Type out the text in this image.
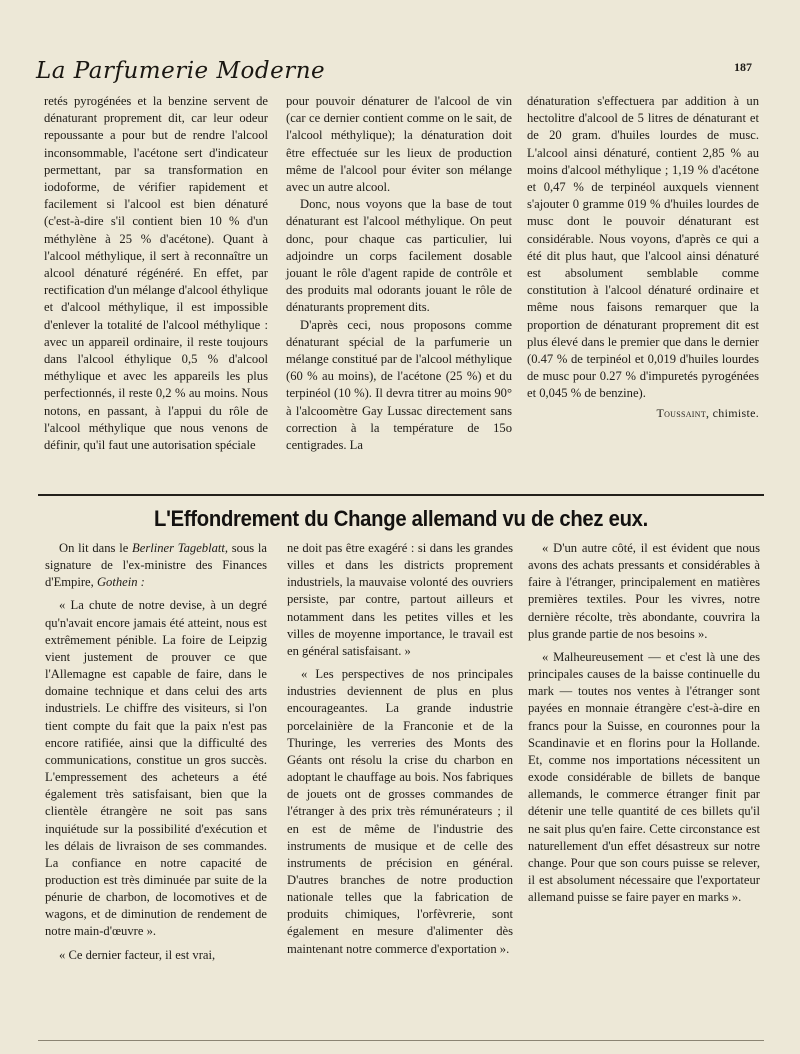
La Parfumerie Moderne	187

retés pyrogénées et la benzine servent de dénaturant proprement dit, car leur odeur repoussante a pour but de rendre l'alcool inconsommable, l'acétone sert d'indicateur permettant, par sa transformation en iodoforme, de vérifier rapidement et facilement si l'alcool est bien dénaturé (c'est-à-dire s'il contient bien 10 % d'un méthylène à 25 % d'acétone). Quant à l'alcool méthylique, il sert à reconnaître un alcool dénaturé régénéré. En effet, par rectification d'un mélange d'alcool éthylique et d'alcool méthylique, il est impossible d'enlever la totalité de l'alcool méthylique : avec un appareil ordinaire, il reste toujours dans l'alcool éthylique 0,5 % d'alcool méthylique et avec les appareils les plus perfectionnés, il reste 0,2 % au moins. Nous notons, en passant, à l'appui du rôle de l'alcool méthylique que nous venons de définir, qu'il faut une autorisation spéciale

pour pouvoir dénaturer de l'alcool de vin (car ce dernier contient comme on le sait, de l'alcool méthylique); la dénaturation doit être effectuée sur les lieux de production même de l'alcool pour éviter son mélange avec un autre alcool.

Donc, nous voyons que la base de tout dénaturant est l'alcool méthylique. On peut donc, pour chaque cas particulier, lui adjoindre un corps facilement dosable jouant le rôle d'agent rapide de contrôle et des produits mal odorants jouant le rôle de dénaturants proprement dits.

D'après ceci, nous proposons comme dénaturant spécial de la parfumerie un mélange constitué par de l'alcool méthylique (60 % au moins), de l'acétone (25 %) et du terpinéol (10 %). Il devra titrer au moins 90° à l'alcoomètre Gay Lussac directement sans correction à la température de 15o centigrades. La

dénaturation s'effectuera par addition à un hectolitre d'alcool de 5 litres de dénaturant et de 20 gram. d'huiles lourdes de musc. L'alcool ainsi dénaturé, contient 2,85 % au moins d'alcool méthylique ; 1,19 % d'acétone et 0,47 % de terpinéol auxquels viennent s'ajouter 0 gramme 019 % d'huiles lourdes de musc dont le pouvoir dénaturant est considérable. Nous voyons, d'après ce qui a été dit plus haut, que l'alcool ainsi dénaturé est absolument semblable comme constitution à l'alcool dénaturé ordinaire et même nous faisons remarquer que la proportion de dénaturant proprement dit est plus élevé dans le premier que dans le dernier (0.47 % de terpinéol et 0,019 d'huiles lourdes de musc pour 0.27 % d'impuretés pyrogénées et 0,045 % de benzine).

Toussaint, chimiste.
L'Effondrement du Change allemand vu de chez eux.

On lit dans le Berliner Tageblatt, sous la signature de l'ex-ministre des Finances d'Empire, Gothein :

« La chute de notre devise, à un degré qu'n'avait encore jamais été atteint, nous est extrêmement pénible. La foire de Leipzig vient justement de prouver ce que l'Allemagne est capable de faire, dans le domaine technique et dans celui des arts industriels. Le chiffre des visiteurs, si l'on tient compte du fait que la paix n'est pas encore ratifiée, ainsi que la difficulté des communications, constitue un gros succès. L'empressement des acheteurs a été également très satisfaisant, bien que la clientèle étrangère ne soit pas sans inquiétude sur la possibilité d'exécution et les délais de livraison de ses commandes. La confiance en notre capacité de production est très diminuée par suite de la pénurie de charbon, de locomotives et de wagons, et de diminution de rendement de notre main-d'œuvre ».

« Ce dernier facteur, il est vrai,

ne doit pas être exagéré : si dans les grandes villes et dans les districts proprement industriels, la mauvaise volonté des ouvriers persiste, par contre, partout ailleurs et notamment dans les petites villes et les villes de moyenne importance, le travail est en général satisfaisant. »

« Les perspectives de nos principales industries deviennent de plus en plus encourageantes. La grande industrie porcelainière de la Franconie et de la Thuringe, les verreries des Monts des Géants ont résolu la crise du charbon en adoptant le chauffage au bois. Nos fabriques de jouets ont de grosses commandes de l'étranger à des prix très rémunérateurs ; il en est de même de l'industrie des instruments de musique et de celle des instruments de précision en général. D'autres branches de notre production nationale telles que la fabrication de produits chimiques, l'orfèvrerie, sont également en mesure d'alimenter dès maintenant notre commerce d'exportation ».

« D'un autre côté, il est évident que nous avons des achats pressants et considérables à faire à l'étranger, principalement en matières premières textiles. Pour les vivres, notre dernière récolte, très abondante, couvrira la plus grande partie de nos besoins ».

« Malheureusement — et c'est là une des principales causes de la baisse continuelle du mark — toutes nos ventes à l'étranger sont payées en monnaie étrangère c'est-à-dire en francs pour la Suisse, en couronnes pour la Scandinavie et en florins pour la Hollande. Et, comme nos importations nécessitent un exode considérable de billets de banque allemands, le commerce étranger finit par détenir une telle quantité de ces billets qu'il ne sait plus qu'en faire. Cette circonstance est naturellement d'un effet désastreux sur notre change. Pour que son cours puisse se relever, il est absolument nécessaire que l'exportateur allemand puisse se faire payer en marks ».
